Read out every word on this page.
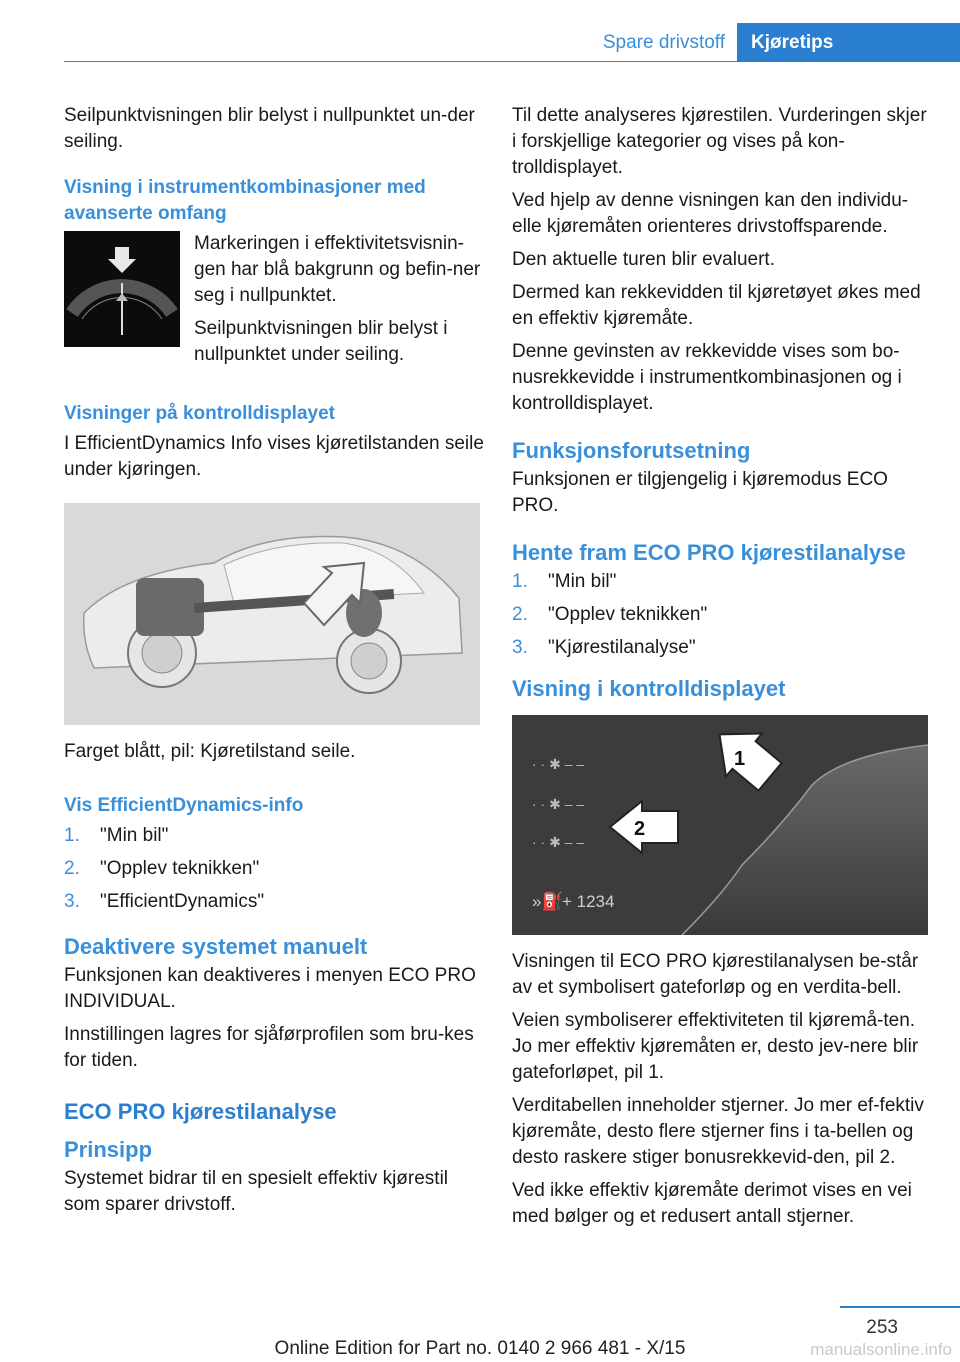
Spare drivstoff	Kjøretips

Seilpunktvisningen blir belyst i nullpunktet un-der seiling.

Visning i instrumentkombinasjoner med avanserte omfang

Markeringen i effektivitetsvisnin-gen har blå bakgrunn og befin-ner seg i nullpunktet.

Seilpunktvisningen blir belyst i nullpunktet under seiling.

Visninger på kontrolldisplayet

I EfficientDynamics Info vises kjøretilstanden seile under kjøringen.

Farget blått, pil: Kjøretilstand seile.

Vis EfficientDynamics-info
1.	"Min bil"
2.	"Opplev teknikken"
3.	"EfficientDynamics"
Deaktivere systemet manuelt

Funksjonen kan deaktiveres i menyen ECO PRO INDIVIDUAL.

Innstillingen lagres for sjåførprofilen som bru-kes for tiden.

ECO PRO kjørestilanalyse
Prinsipp

Systemet bidrar til en spesielt effektiv kjørestil som sparer drivstoff.

Til dette analyseres kjørestilen. Vurderingen skjer i forskjellige kategorier og vises på kon-trolldisplayet.

Ved hjelp av denne visningen kan den individu-elle kjøremåten orienteres drivstoffsparende.

Den aktuelle turen blir evaluert.

Dermed kan rekkevidden til kjøretøyet økes med en effektiv kjøremåte.

Denne gevinsten av rekkevidde vises som bo-nusrekkevidde i instrumentkombinasjonen og i kontrolldisplayet.

Funksjonsforutsetning

Funksjonen er tilgjengelig i kjøremodus ECO PRO.

Hente fram ECO PRO kjørestilanalyse
1.	"Min bil"
2.	"Opplev teknikken"
3.	"Kjørestilanalyse"
Visning i kontrolldisplayet
· · ✱ ‒ ‒
· · ✱ ‒ ‒
· · ✱ ‒ ‒
1
2
»⛽ + 1234

Visningen til ECO PRO kjørestilanalysen be-står av et symbolisert gateforløp og en verdita-bell.

Veien symboliserer effektiviteten til kjøremå-ten. Jo mer effektiv kjøremåten er, desto jev-nere blir gateforløpet, pil 1.

Verditabellen inneholder stjerner. Jo mer ef-fektiv kjøremåte, desto flere stjerner fins i ta-bellen og desto raskere stiger bonusrekkevid-den, pil 2.

Ved ikke effektiv kjøremåte derimot vises en vei med bølger og et redusert antall stjerner.

253
Online Edition for Part no. 0140 2 966 481 - X/15	manualsonline.info
